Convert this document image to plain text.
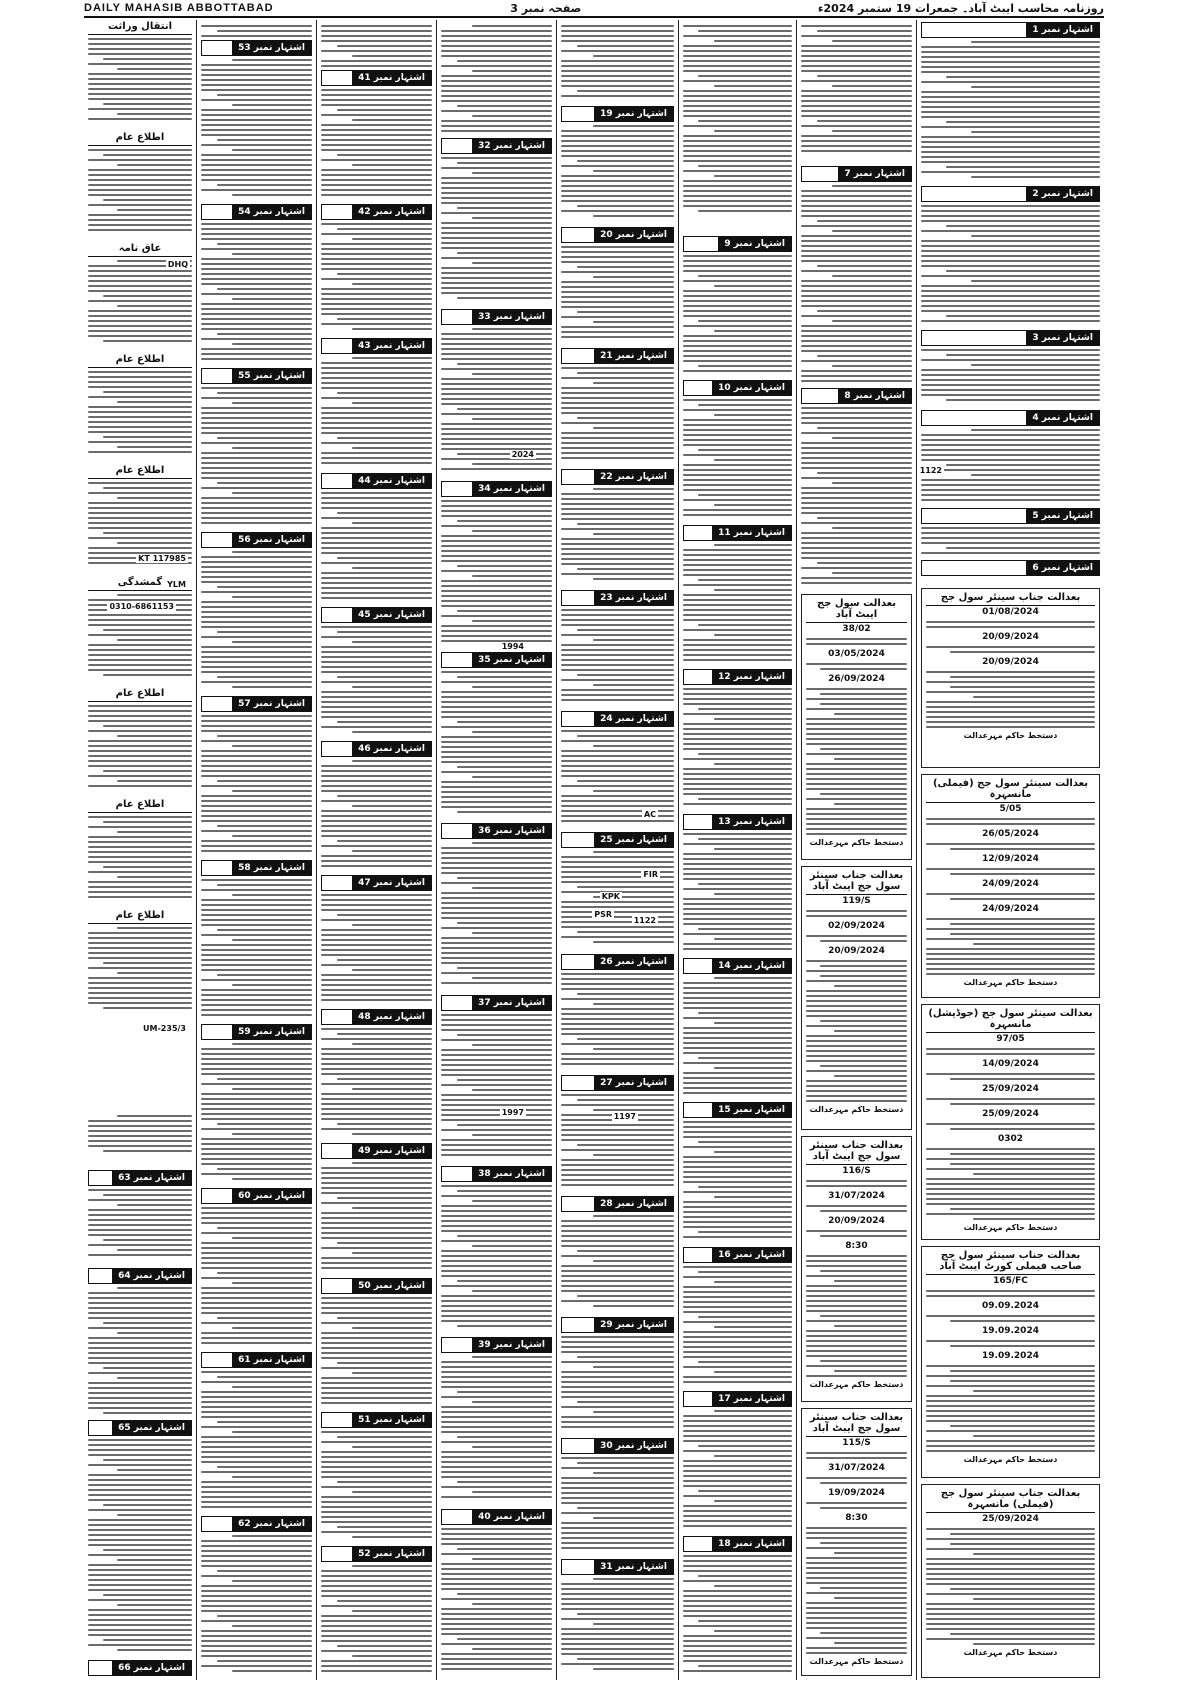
DAILY MAHASIB ABBOTTABAD	صفحہ نمبر 3	روزنامہ محاسب ایبٹ آباد۔ جمعرات 19 ستمبر 2024ء
انتقال وراثت
اطلاع عام
عاق نامہ
اطلاع عام
اطلاع عام
گمشدگی
اطلاع عام
اطلاع عام
اطلاع عام
KT 117985
YLM
0310-6861153
DHQ
UM-235/3
اشتہار نمبر 63
اشتہار نمبر 64
اشتہار نمبر 65
اشتہار نمبر 66
اشتہار نمبر 53
اشتہار نمبر 54
اشتہار نمبر 55
اشتہار نمبر 56
اشتہار نمبر 57
اشتہار نمبر 58
اشتہار نمبر 59
اشتہار نمبر 60
اشتہار نمبر 61
اشتہار نمبر 62
اشتہار نمبر 41
اشتہار نمبر 42
اشتہار نمبر 43
اشتہار نمبر 44
اشتہار نمبر 45
اشتہار نمبر 46
اشتہار نمبر 47
اشتہار نمبر 48
اشتہار نمبر 49
اشتہار نمبر 50
اشتہار نمبر 51
اشتہار نمبر 52
اشتہار نمبر 32
اشتہار نمبر 33
اشتہار نمبر 34
اشتہار نمبر 35
اشتہار نمبر 36
اشتہار نمبر 37
اشتہار نمبر 38
اشتہار نمبر 39
اشتہار نمبر 40
2024
1994
1997
اشتہار نمبر 19
اشتہار نمبر 20
اشتہار نمبر 21
اشتہار نمبر 22
اشتہار نمبر 23
اشتہار نمبر 24
اشتہار نمبر 25
اشتہار نمبر 26
اشتہار نمبر 27
اشتہار نمبر 28
اشتہار نمبر 29
اشتہار نمبر 30
اشتہار نمبر 31
AC
FIR
KPK
PSR
1122
1197
اشتہار نمبر 9
اشتہار نمبر 10
اشتہار نمبر 11
اشتہار نمبر 12
اشتہار نمبر 13
اشتہار نمبر 14
اشتہار نمبر 15
اشتہار نمبر 16
اشتہار نمبر 17
اشتہار نمبر 18
اشتہار نمبر 7
اشتہار نمبر 8
بعدالت سول جج ایبٹ آباد
38/02
03/05/2024
26/09/2024
دستخط حاکم مہرعدالت
بعدالت جناب سینئر سول جج ایبٹ آباد
119/S
02/09/2024
20/09/2024
دستخط حاکم مہرعدالت
بعدالت جناب سینئر سول جج ایبٹ آباد
116/S
31/07/2024
20/09/2024
8:30
دستخط حاکم مہرعدالت
بعدالت جناب سینئر سول جج ایبٹ آباد
115/S
31/07/2024
19/09/2024
8:30
دستخط حاکم مہرعدالت
اشتہار نمبر 1
اشتہار نمبر 2
اشتہار نمبر 3
اشتہار نمبر 4
اشتہار نمبر 5
اشتہار نمبر 6
1122
بعدالت جناب سینئر سول جج
01/08/2024
20/09/2024
20/09/2024
دستخط حاکم مہرعدالت
بعدالت سینئر سول جج (فیملی) مانسہرہ
5/05
26/05/2024
12/09/2024
24/09/2024
24/09/2024
دستخط حاکم مہرعدالت
بعدالت سینئر سول جج (جوڈیشل) مانسہرہ
97/05
14/09/2024
25/09/2024
25/09/2024
0302
دستخط حاکم مہرعدالت
بعدالت جناب سینئر سول جج صاحب فیملی کورٹ ایبٹ آباد
165/FC
09.09.2024
19.09.2024
19.09.2024
دستخط حاکم مہرعدالت
بعدالت جناب سینئر سول جج (فیملی) مانسہرہ
25/09/2024
دستخط حاکم مہرعدالت
